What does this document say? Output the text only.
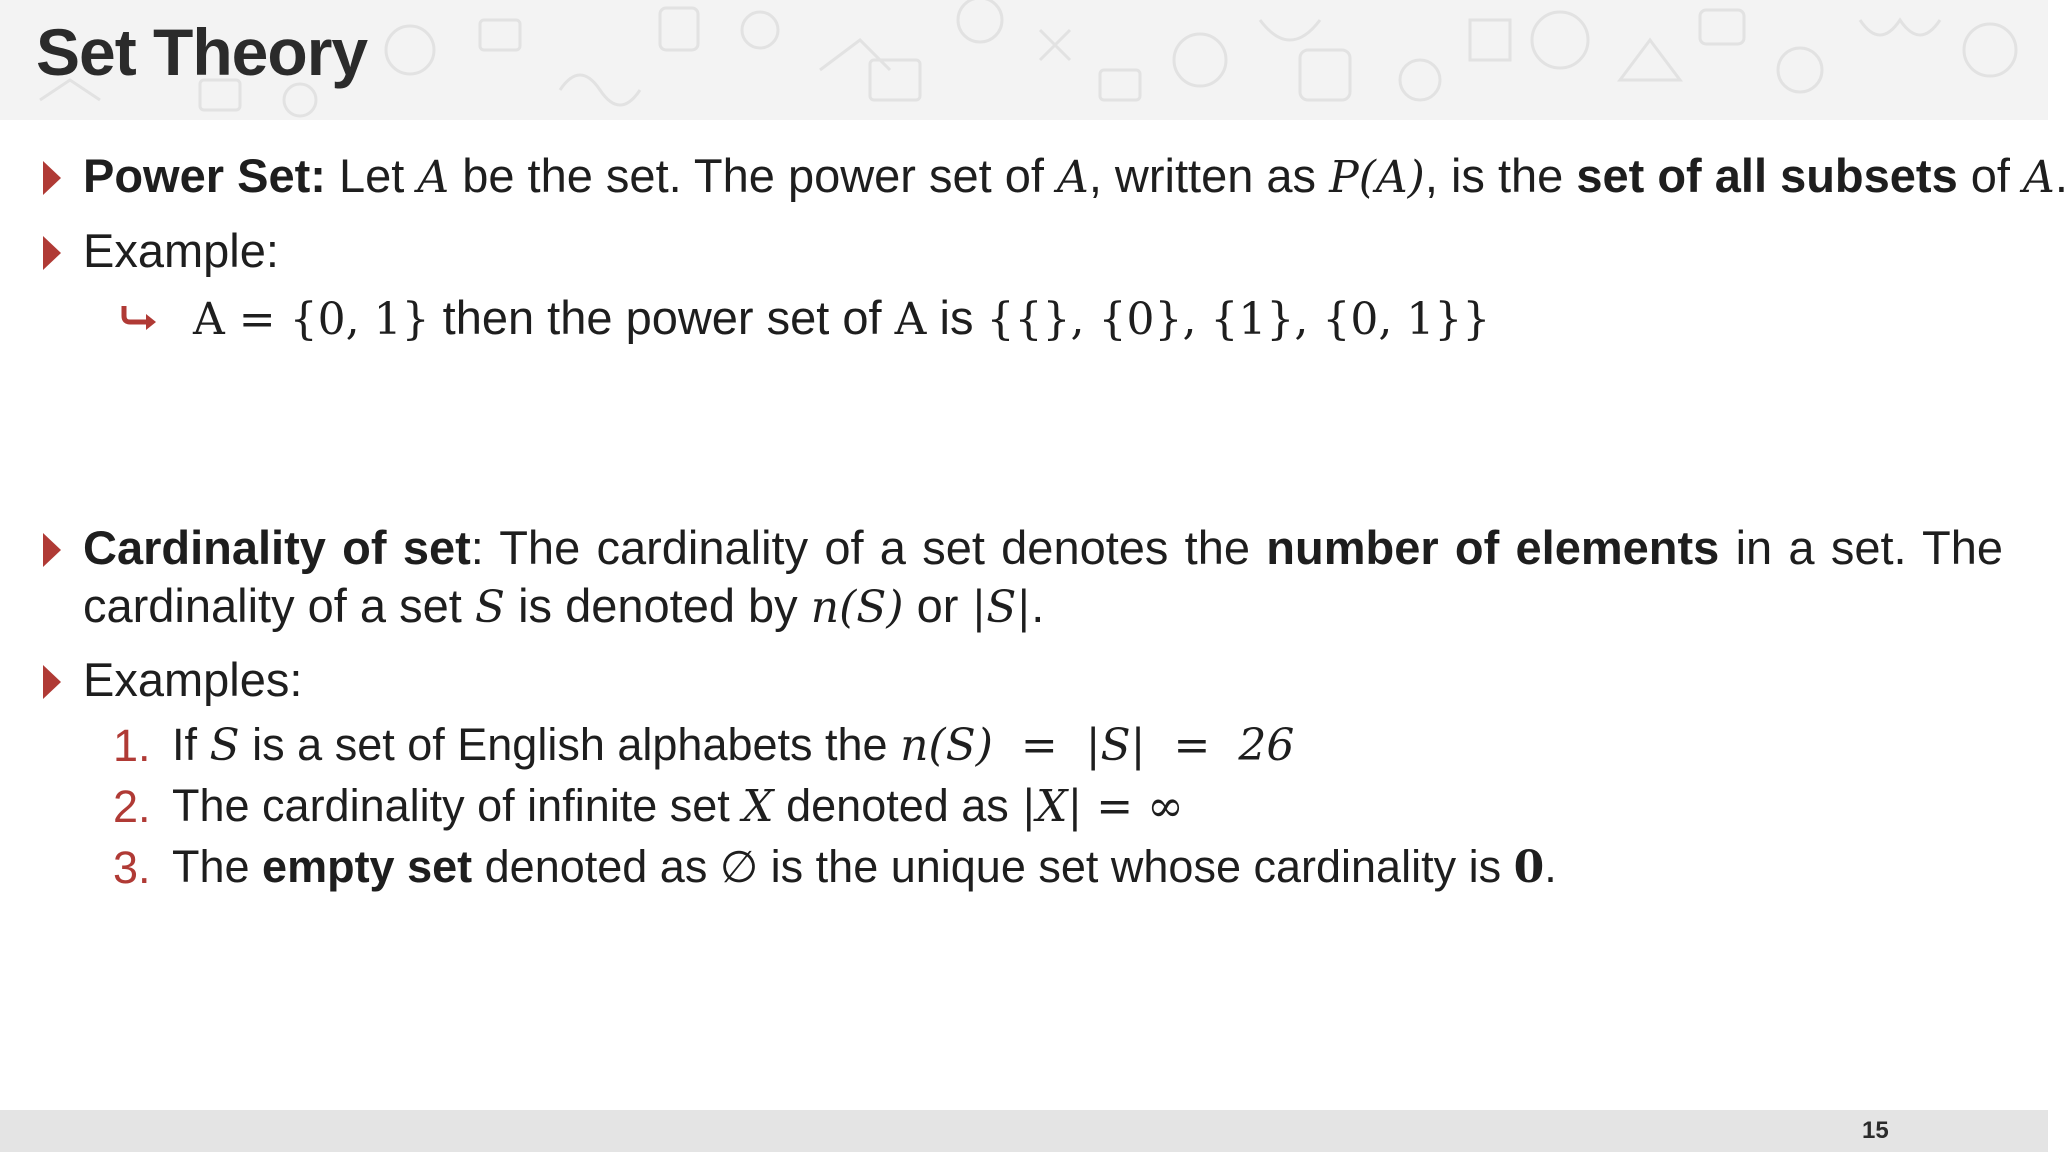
Set Theory
Power Set: Let A be the set. The power set of A, written as P(A), is the set of all subsets of A.
Example:
A = {0, 1} then the power set of A is {{}, {0}, {1}, {0, 1}}
Cardinality of set: The cardinality of a set denotes the number of elements in a set. The
cardinality of a set S is denoted by n(S) or |S|.
Examples:
1. If S is a set of English alphabets the n(S)  =  |S|  =  26
2. The cardinality of infinite set X denoted as |X| = ∞
3. The empty set denoted as ∅ is the unique set whose cardinality is 0.
15
